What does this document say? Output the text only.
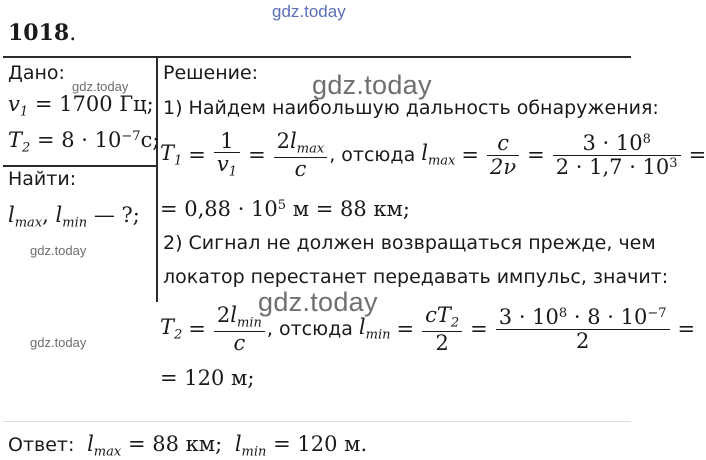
gdz.today
1018.
Дано:
$v_1 = 1700$ Гц;
$T_2 = 8 \cdot 10^{-7}с$;
Найти:
$l_{max}$, $l_{min}$ — ?;
gdz.today
gdz.today
gdz.today
Решение: gdz.today
1) Найдем наибольшую дальность обнаружения:
$T_1 = \frac{1}{v_1} = \frac{2l_{max}}{c}$ , отсюда $l_{max} = \frac{c}{2\nu} = \frac{3 \cdot 10^8}{2 \cdot 1,7 \cdot 10^3}$ =
= $0,88 \cdot 10^5$ м = 88 км;
2) Сигнал не должен возвращаться прежде, чем
локатор перестанет передавать импульс, значит:
gdz.today
$T_2 = \frac{2l_{min}}{c}$ , отсюда $l_{min} = \frac{cT_2}{2} = \frac{3 \cdot 10^8 \cdot 8 \cdot 10^{-7}}{2}$ =
= 120 м;
Ответ: $l_{max} = 88$ км; $l_{min} = 120$ м.
